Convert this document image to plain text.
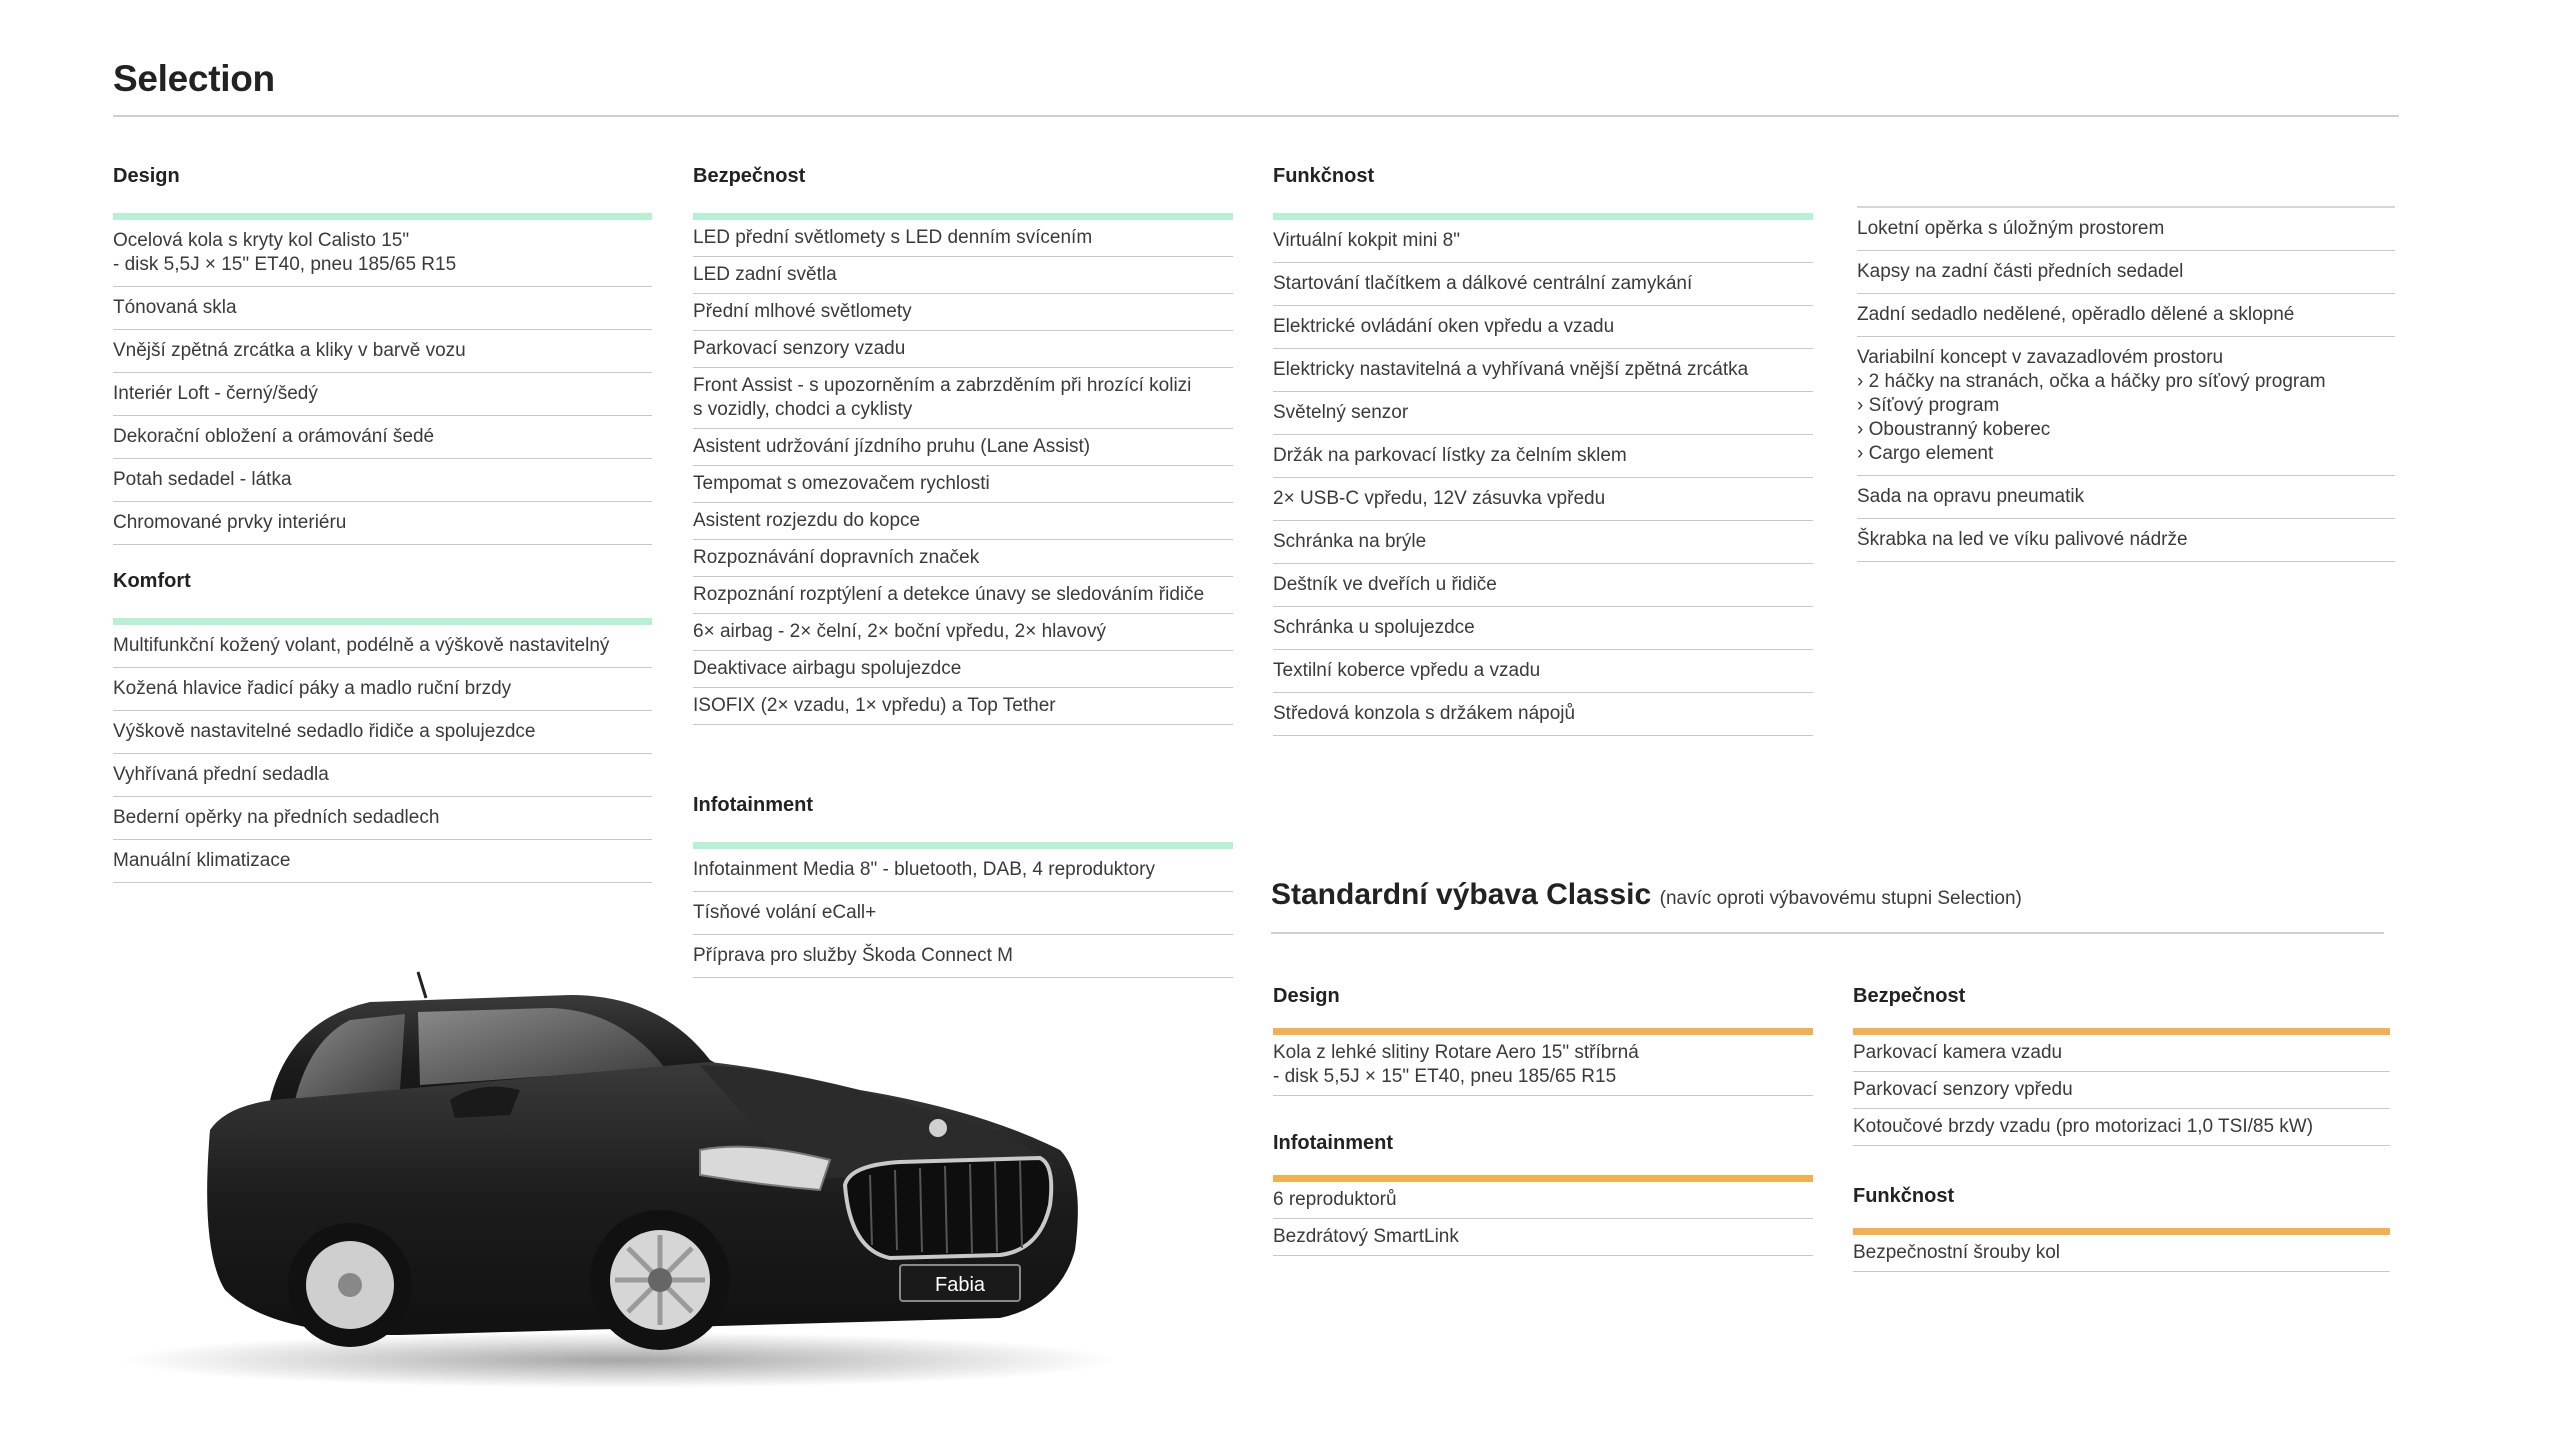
Selection
Design
Ocelová kola s kryty kol Calisto 15"
- disk 5,5J × 15" ET40, pneu 185/65 R15
Tónovaná skla
Vnější zpětná zrcátka a kliky v barvě vozu
Interiér Loft - černý/šedý
Dekorační obložení a orámování šedé
Potah sedadel - látka
Chromované prvky interiéru
Komfort
Multifunkční kožený volant, podélně a výškově nastavitelný
Kožená hlavice řadicí páky a madlo ruční brzdy
Výškově nastavitelné sedadlo řidiče a spolujezdce
Vyhřívaná přední sedadla
Bederní opěrky na předních sedadlech
Manuální klimatizace
Bezpečnost
LED přední světlomety s LED denním svícením
LED zadní světla
Přední mlhové světlomety
Parkovací senzory vzadu
Front Assist - s upozorněním a zabrzděním při hrozící kolizi
s vozidly, chodci a cyklisty
Asistent udržování jízdního pruhu (Lane Assist)
Tempomat s omezovačem rychlosti
Asistent rozjezdu do kopce
Rozpoznávání dopravních značek
Rozpoznání rozptýlení a detekce únavy se sledováním řidiče
6× airbag - 2× čelní, 2× boční vpředu, 2× hlavový
Deaktivace airbagu spolujezdce
ISOFIX (2× vzadu, 1× vpředu) a Top Tether
Infotainment
Infotainment Media 8" - bluetooth, DAB, 4 reproduktory
Tísňové volání eCall+
Příprava pro služby Škoda Connect M
Funkčnost
Virtuální kokpit mini 8"
Startování tlačítkem a dálkové centrální zamykání
Elektrické ovládání oken vpředu a vzadu
Elektricky nastavitelná a vyhřívaná vnější zpětná zrcátka
Světelný senzor
Držák na parkovací lístky za čelním sklem
2× USB-C vpředu, 12V zásuvka vpředu
Schránka na brýle
Deštník ve dveřích u řidiče
Schránka u spolujezdce
Textilní koberce vpředu a vzadu
Středová konzola s držákem nápojů
Loketní opěrka s úložným prostorem
Kapsy na zadní části předních sedadel
Zadní sedadlo nedělené, opěradlo dělené a sklopné
Variabilní koncept v zavazadlovém prostoru
› 2 háčky na stranách, očka a háčky pro síťový program
› Síťový program
› Oboustranný koberec
› Cargo element
Sada na opravu pneumatik
Škrabka na led ve víku palivové nádrže
Standardní výbava Classic (navíc oproti výbavovému stupni Selection)
Design
Kola z lehké slitiny Rotare Aero 15" stříbrná
- disk 5,5J × 15" ET40, pneu 185/65 R15
Infotainment
6 reproduktorů
Bezdrátový SmartLink
Bezpečnost
Parkovací kamera vzadu
Parkovací senzory vpředu
Kotoučové brzdy vzadu (pro motorizaci 1,0 TSI/85 kW)
Funkčnost
Bezpečnostní šrouby kol
Fabia
